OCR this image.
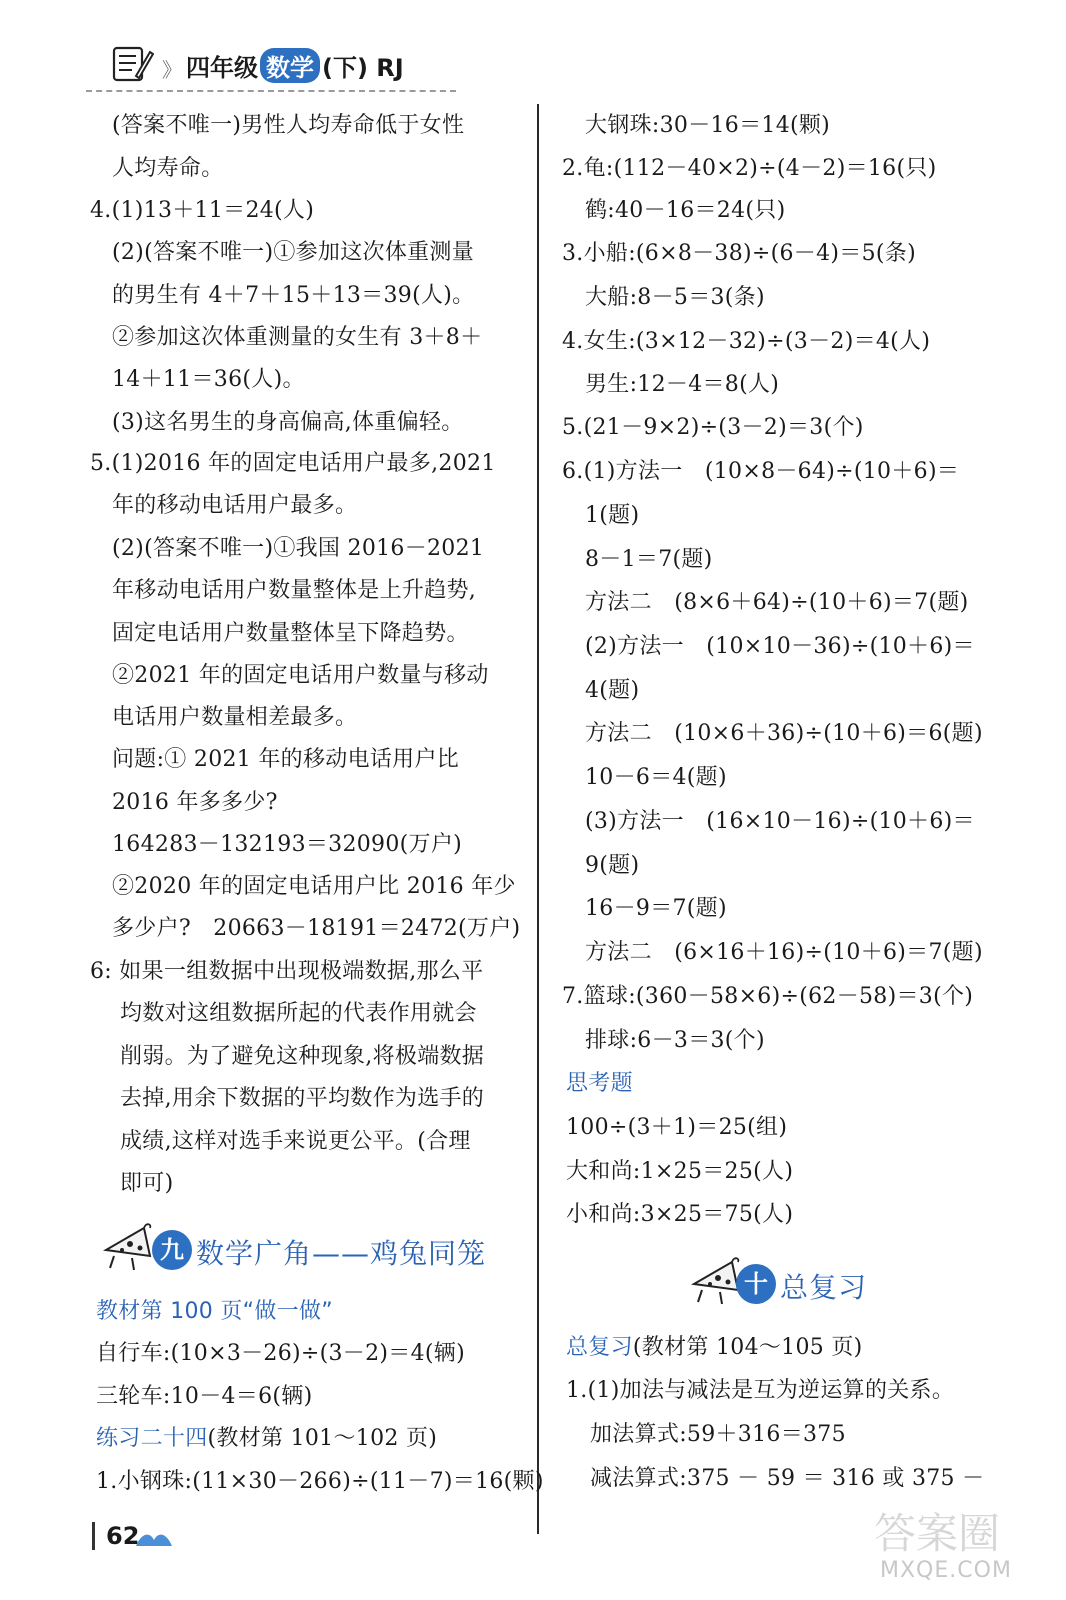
》 四年级 数学 (下) RJ
(答案不唯一)男性人均寿命低于女性
人均寿命。
4.(1)13＋11＝24(人)
(2)(答案不唯一)①参加这次体重测量
的男生有 4＋7＋15＋13＝39(人)。
②参加这次体重测量的女生有 3＋8＋
14＋11＝36(人)。
(3)这名男生的身高偏高,体重偏轻。
5.(1)2016 年的固定电话用户最多,2021
年的移动电话用户最多。
(2)(答案不唯一)①我国 2016－2021
年移动电话用户数量整体是上升趋势,
固定电话用户数量整体呈下降趋势。
②2021 年的固定电话用户数量与移动
电话用户数量相差最多。
问题:① 2021 年的移动电话用户比
2016 年多多少?
164283－132193＝32090(万户)
②2020 年的固定电话用户比 2016 年少
多少户?　20663－18191＝2472(万户)
6: 如果一组数据中出现极端数据,那么平
均数对这组数据所起的代表作用就会
削弱。为了避免这种现象,将极端数据
去掉,用余下数据的平均数作为选手的
成绩,这样对选手来说更公平。(合理
即可)
九 数学广角——鸡兔同笼
教材第 100 页“做一做”
自行车:(10×3－26)÷(3－2)＝4(辆)
三轮车:10－4＝6(辆)
练习二十四(教材第 101～102 页)
1.小钢珠:(11×30－266)÷(11－7)＝16(颗)
大钢珠:30－16＝14(颗)
2.龟:(112－40×2)÷(4－2)＝16(只)
鹤:40－16＝24(只)
3.小船:(6×8－38)÷(6－4)＝5(条)
大船:8－5＝3(条)
4.女生:(3×12－32)÷(3－2)＝4(人)
男生:12－4＝8(人)
5.(21－9×2)÷(3－2)＝3(个)
6.(1)方法一　(10×8－64)÷(10＋6)＝
1(题)
8－1＝7(题)
方法二　(8×6＋64)÷(10＋6)＝7(题)
(2)方法一　(10×10－36)÷(10＋6)＝
4(题)
方法二　(10×6＋36)÷(10＋6)＝6(题)
10－6＝4(题)
(3)方法一　(16×10－16)÷(10＋6)＝
9(题)
16－9＝7(题)
方法二　(6×16＋16)÷(10＋6)＝7(题)
7.篮球:(360－58×6)÷(62－58)＝3(个)
排球:6－3＝3(个)
思考题
100÷(3＋1)＝25(组)
大和尚:1×25＝25(人)
小和尚:3×25＝75(人)
十 总复习
总复习(教材第 104～105 页)
1.(1)加法与减法是互为逆运算的关系。
加法算式:59＋316＝375
减法算式:375 － 59 ＝ 316 或 375 －
62	答案圈
MXQE.COM
